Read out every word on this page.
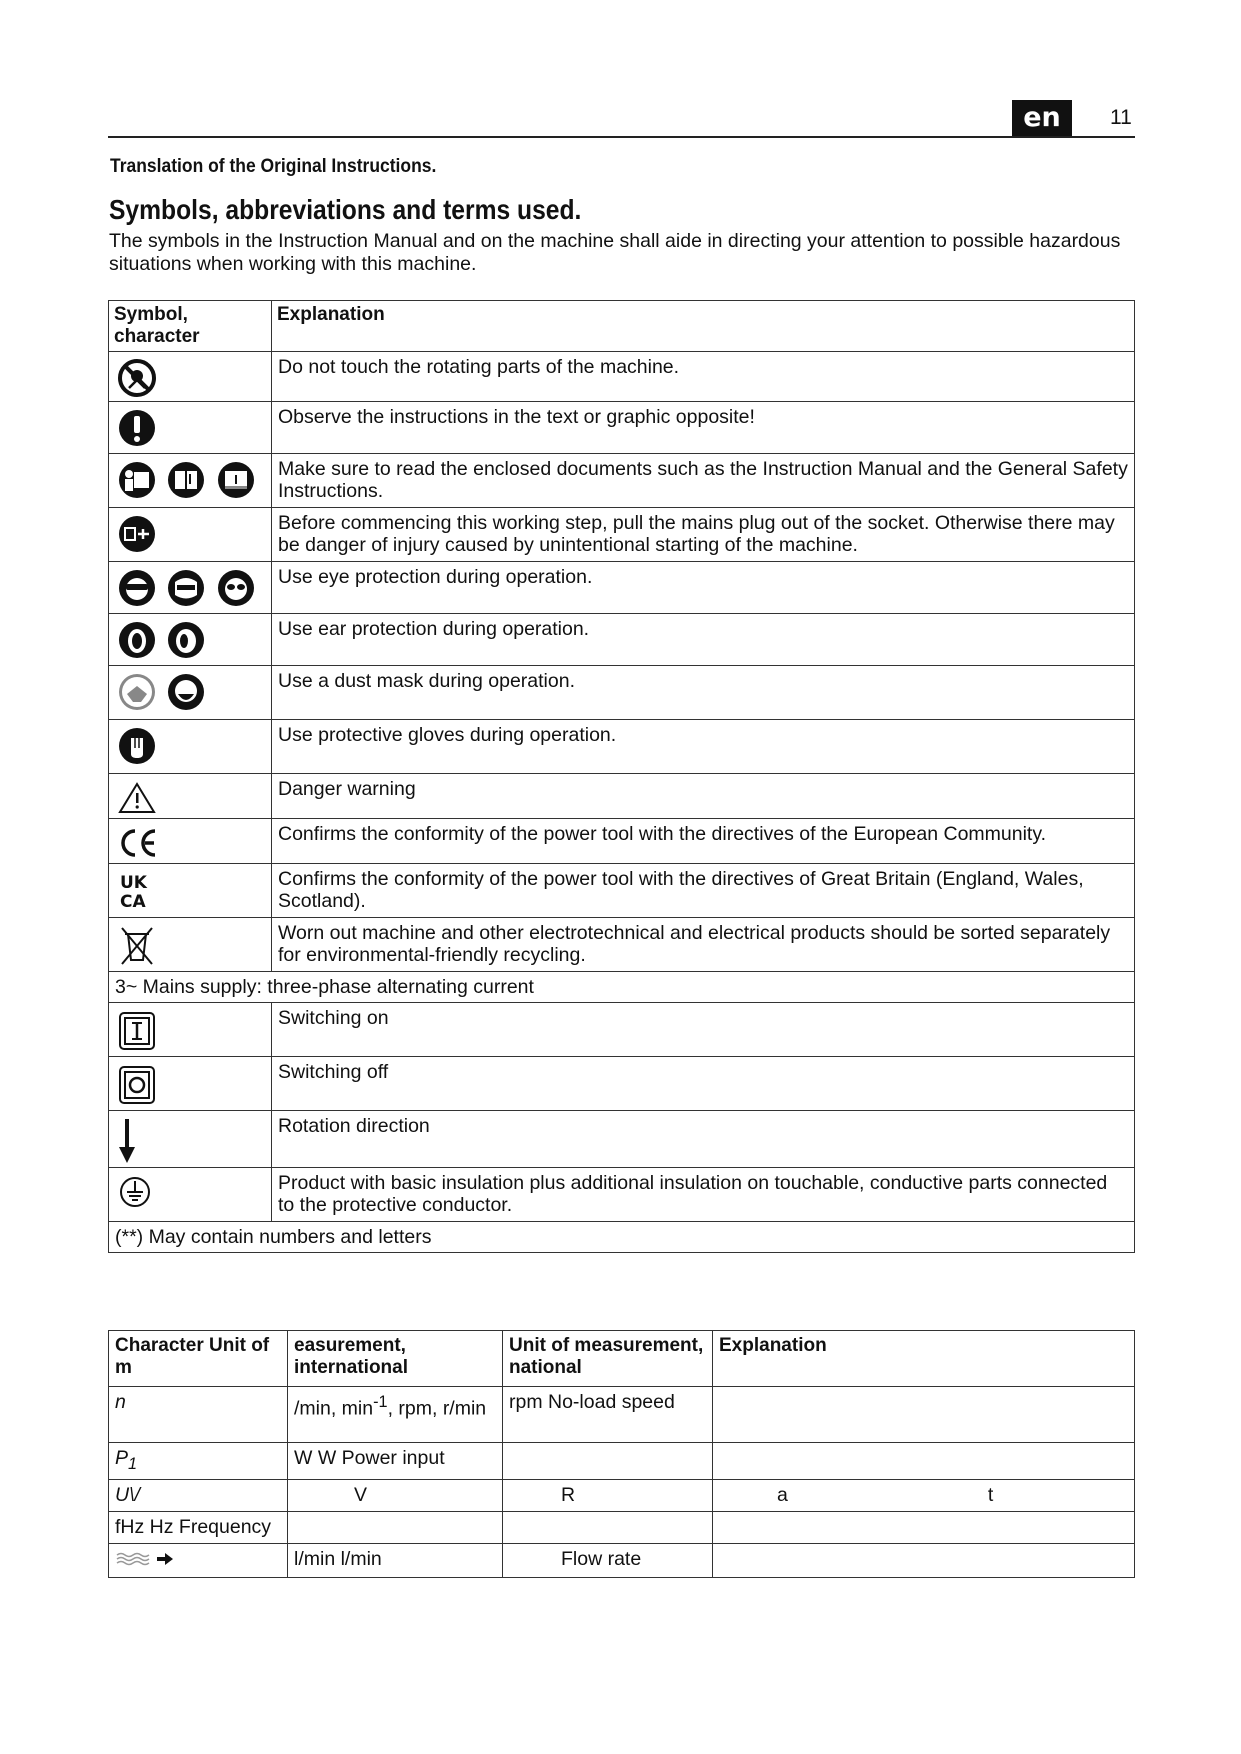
en	11
Translation of the Original Instructions.
Symbols, abbreviations and terms used.
The symbols in the Instruction Manual and on the machine shall aide in directing your attention to possible hazardous situations when working with this machine.
Symbol, character	Explanation
	Do not touch the rotating parts of the machine.
	Observe the instructions in the text or graphic opposite!
	Make sure to read the enclosed documents such as the Instruction Manual and the General Safety Instructions.
	Before commencing this working step, pull the mains plug out of the socket. Otherwise there may be danger of injury caused by unintentional starting of the machine.
	Use eye protection during operation.
	Use ear protection during operation.
	Use a dust mask during operation.
	Use protective gloves during operation.
	Danger warning
	Confirms the conformity of the power tool with the directives of the European Community.

UK
CA	Confirms the conformity of the power tool with the directives of Great Britain (England, Wales, Scotland).
	Worn out machine and other electrotechnical and electrical products should be sorted separately for environmental-friendly recycling.
3~ Mains supply: three-phase alternating current	
	Switching on
	Switching off
	Rotation direction
	Product with basic insulation plus additional insulation on touchable, conductive parts connected to the protective conductor.
(**) May contain numbers and letters	
Character Unit of m	easurement, international	Unit of measurement, national	Explanation
n	/min, $\min^{-1}$, rpm, r/min	rpm No-load speed	
$P_1$	W W Power input		
U\/	V	R	a t
fHz Hz Frequency			
	l/min l/min	Flow rate	
